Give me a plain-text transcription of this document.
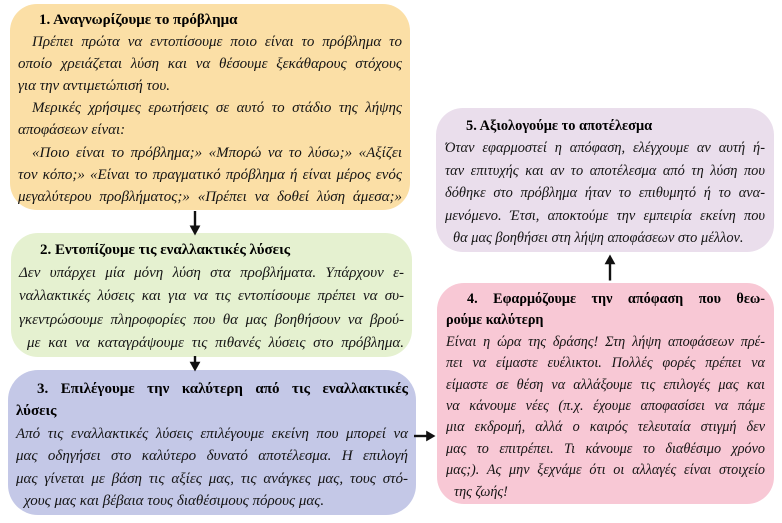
1. Αναγνωρίζουμε το πρόβλημα
Πρέπει πρώτα να εντοπίσουμε ποιο είναι το πρόβλημα το
οποίο χρειάζεται λύση και να θέσουμε ξεκάθαρους στόχους
για την αντιμετώπισή του.
Μερικές χρήσιμες ερωτήσεις σε αυτό το στάδιο της λήψης
αποφάσεων είναι:
«Ποιο είναι το πρόβλημα;» «Μπορώ να το λύσω;» «Αξίζει
τον κόπο;» «Είναι το πραγματικό πρόβλημα ή είναι μέρος ενός
μεγαλύτερου προβλήματος;» «Πρέπει να δοθεί λύση άμεσα;»
2. Εντοπίζουμε τις εναλλακτικές λύσεις
Δεν υπάρχει μία μόνη λύση στα προβλήματα. Υπάρχουν ε-
ναλλακτικές λύσεις και για να τις εντοπίσουμε πρέπει να συ-
γκεντρώσουμε πληροφορίες που θα μας βοηθήσουν να βρού-
με και να καταγράψουμε τις πιθανές λύσεις στο πρόβλημα.
3. Επιλέγουμε την καλύτερη από τις εναλλακτικές
λύσεις
Από τις εναλλακτικές λύσεις επιλέγουμε εκείνη που μπορεί να
μας οδηγήσει στο καλύτερο δυνατό αποτέλεσμα. Η επιλογή
μας γίνεται με βάση τις αξίες μας, τις ανάγκες μας, τους στό-
χους μας και βέβαια τους διαθέσιμους πόρους μας.
5. Αξιολογούμε το αποτέλεσμα
Όταν εφαρμοστεί η απόφαση, ελέγχουμε αν αυτή ή-
ταν επιτυχής και αν το αποτέλεσμα από τη λύση που
δόθηκε στο πρόβλημα ήταν το επιθυμητό ή το ανα-
μενόμενο. Έτσι, αποκτούμε την εμπειρία εκείνη που
θα μας βοηθήσει στη λήψη αποφάσεων στο μέλλον.
4. Εφαρμόζουμε την απόφαση που θεω-
ρούμε καλύτερη
Είναι η ώρα της δράσης! Στη λήψη αποφάσεων πρέ-
πει να είμαστε ευέλικτοι. Πολλές φορές πρέπει να
είμαστε σε θέση να αλλάξουμε τις επιλογές μας και
να κάνουμε νέες (π.χ. έχουμε αποφασίσει να πάμε
μια εκδρομή, αλλά ο καιρός τελευταία στιγμή δεν
μας το επιτρέπει. Τι κάνουμε το διαθέσιμο χρόνο
μας;). Ας μην ξεχνάμε ότι οι αλλαγές είναι στοιχείο
της ζωής!
